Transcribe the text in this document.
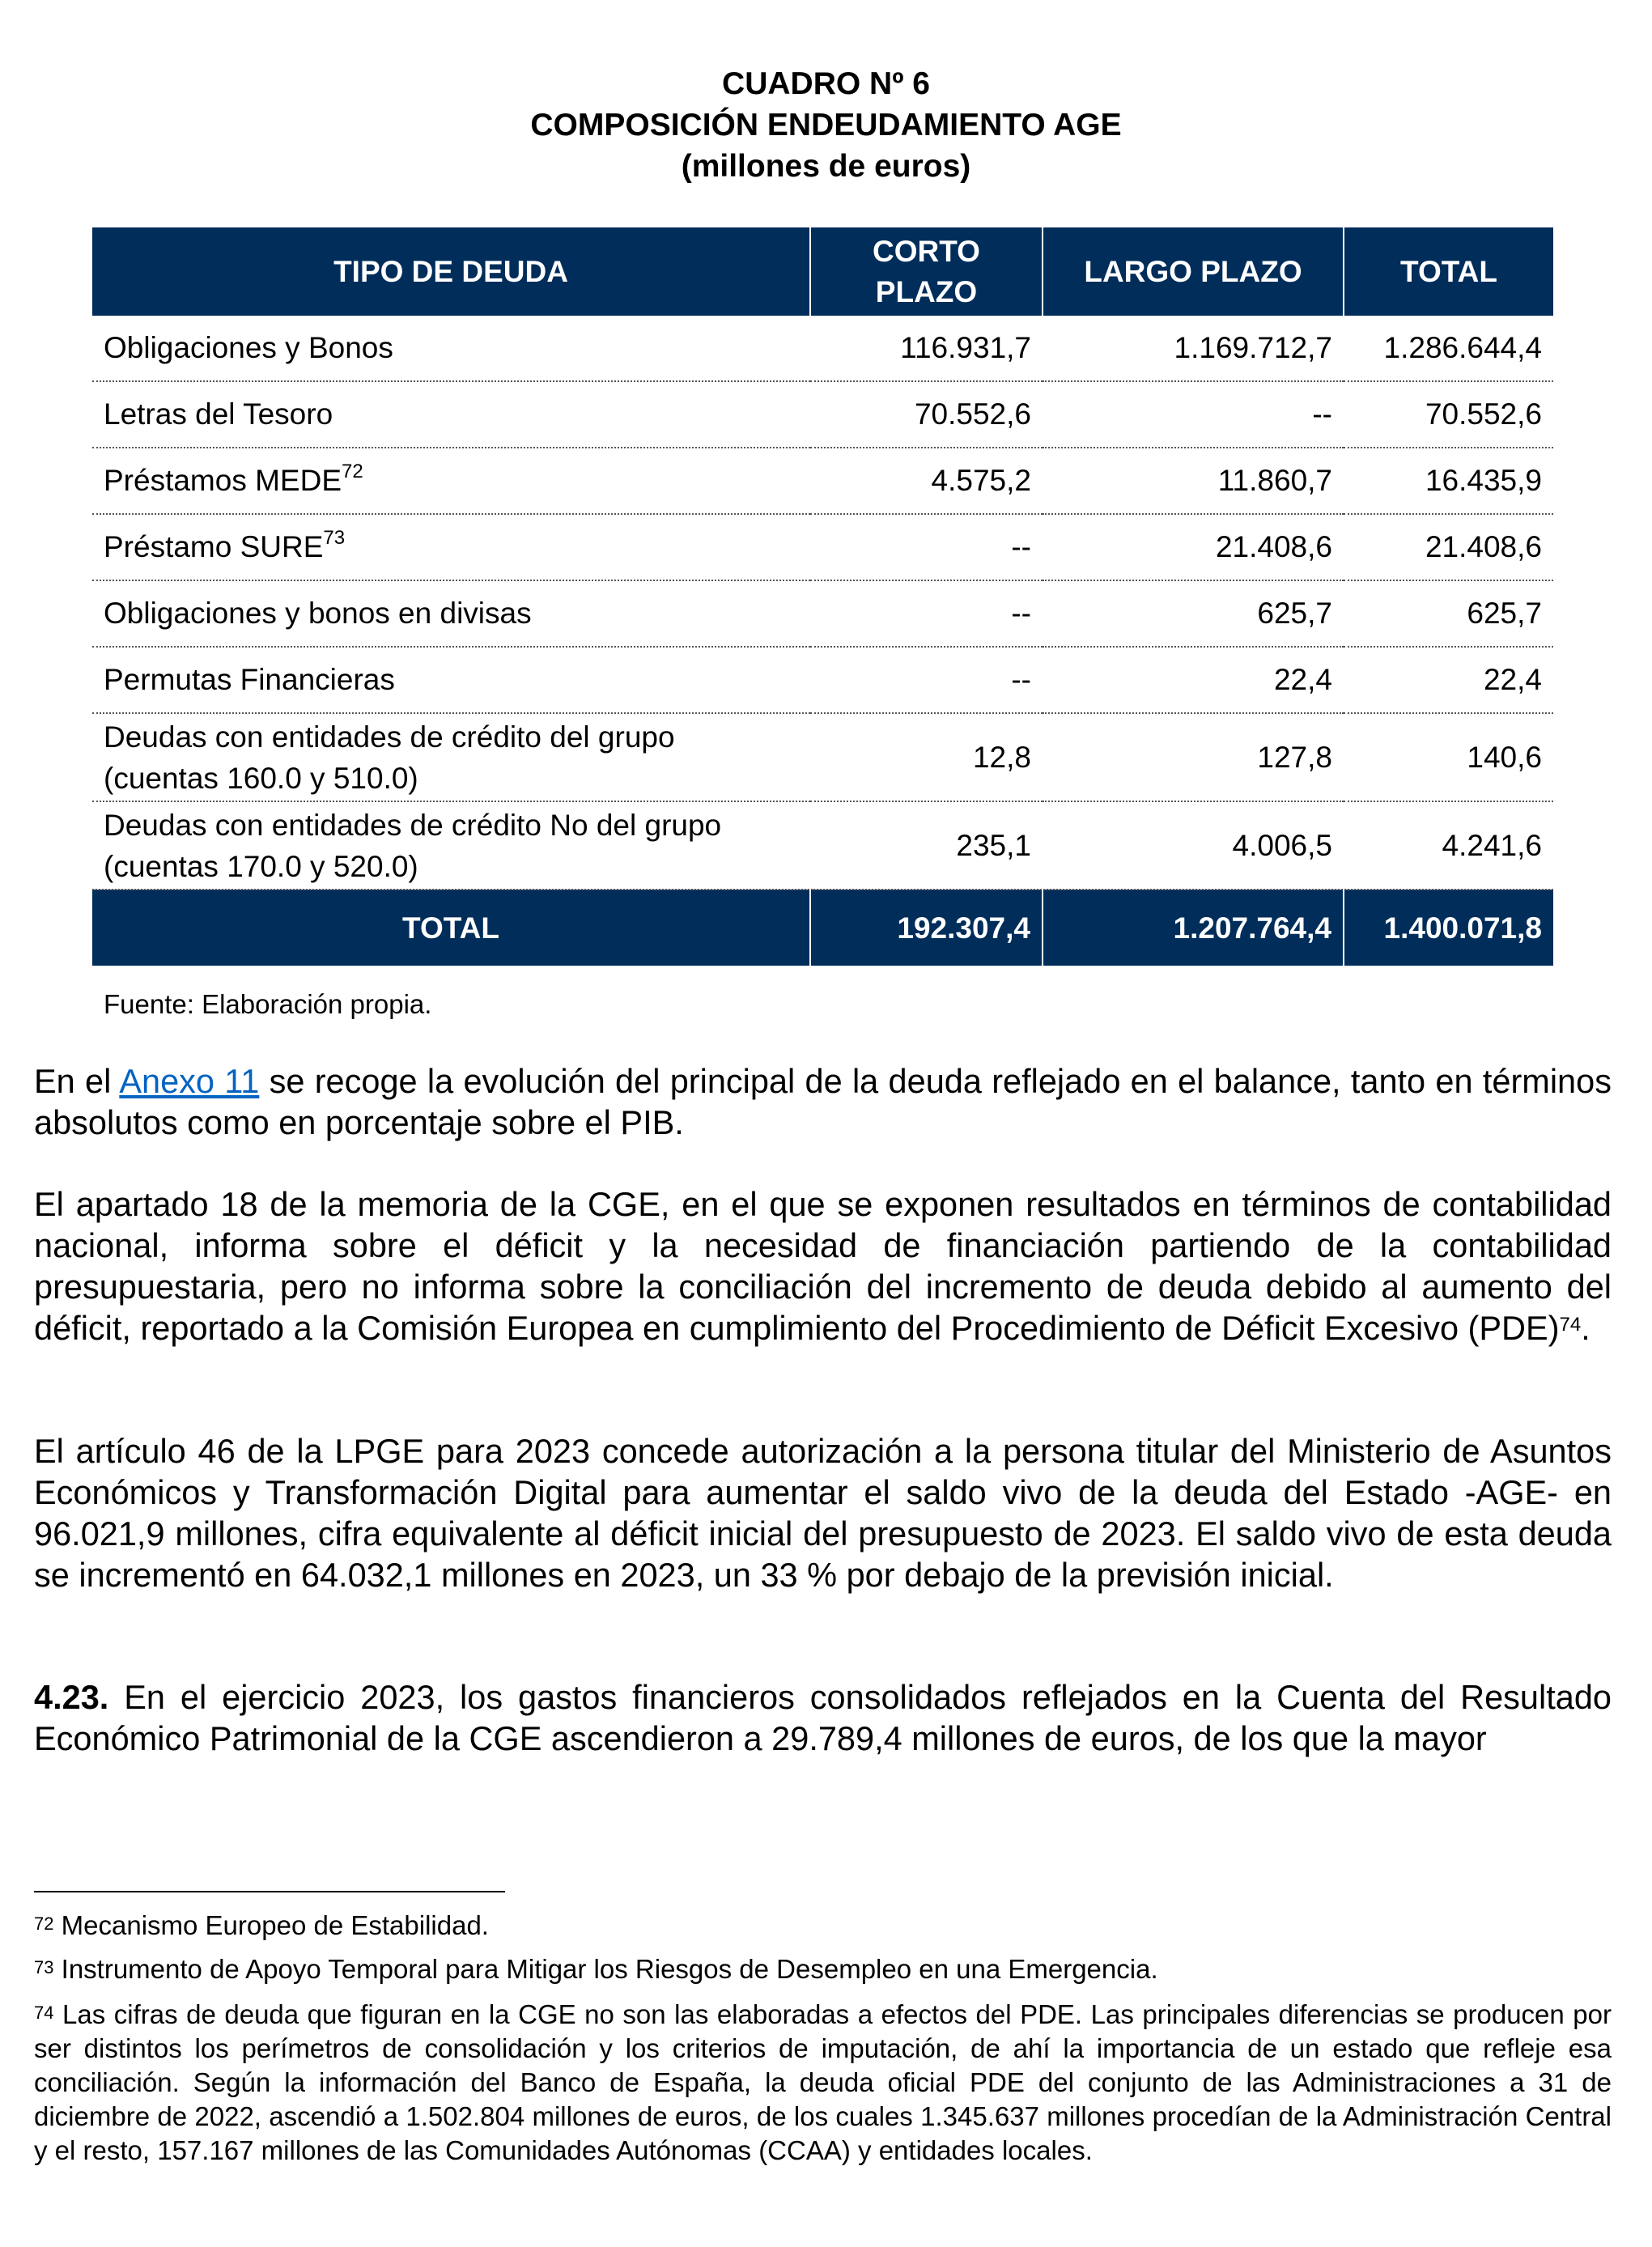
CUADRO Nº 6
COMPOSICIÓN ENDEUDAMIENTO AGE
(millones de euros)
TIPO DE DEUDA	CORTO PLAZO	LARGO PLAZO	TOTAL
Obligaciones y Bonos	116.931,7	1.169.712,7	1.286.644,4
Letras del Tesoro	70.552,6	--	70.552,6
Préstamos MEDE$^{72}$	4.575,2	11.860,7	16.435,9
Préstamo SURE$^{73}$	--	21.408,6	21.408,6
Obligaciones y bonos en divisas	--	625,7	625,7
Permutas Financieras	--	22,4	22,4
Deudas con entidades de crédito del grupo
(cuentas 160.0 y 510.0)	12,8	127,8	140,6
Deudas con entidades de crédito No del grupo
(cuentas 170.0 y 520.0)	235,1	4.006,5	4.241,6
TOTAL	192.307,4	1.207.764,4	1.400.071,8
Fuente: Elaboración propia.
En el Anexo 11 se recoge la evolución del principal de la deuda reflejado en el balance, tanto en términos absolutos como en porcentaje sobre el PIB.
El apartado 18 de la memoria de la CGE, en el que se exponen resultados en términos de contabilidad nacional, informa sobre el déficit y la necesidad de financiación partiendo de la contabilidad presupuestaria, pero no informa sobre la conciliación del incremento de deuda debido al aumento del déficit, reportado a la Comisión Europea en cumplimiento del Procedimiento de Déficit Excesivo (PDE)$^{74}$.
El artículo 46 de la LPGE para 2023 concede autorización a la persona titular del Ministerio de Asuntos Económicos y Transformación Digital para aumentar el saldo vivo de la deuda del Estado -AGE- en 96.021,9 millones, cifra equivalente al déficit inicial del presupuesto de 2023. El saldo vivo de esta deuda se incrementó en 64.032,1 millones en 2023, un 33 % por debajo de la previsión inicial.
4.23. En el ejercicio 2023, los gastos financieros consolidados reflejados en la Cuenta del Resultado Económico Patrimonial de la CGE ascendieron a 29.789,4 millones de euros, de los que la mayor
$^{72}$ Mecanismo Europeo de Estabilidad.
$^{73}$ Instrumento de Apoyo Temporal para Mitigar los Riesgos de Desempleo en una Emergencia.
$^{74}$ Las cifras de deuda que figuran en la CGE no son las elaboradas a efectos del PDE. Las principales diferencias se producen por ser distintos los perímetros de consolidación y los criterios de imputación, de ahí la importancia de un estado que refleje esa conciliación. Según la información del Banco de España, la deuda oficial PDE del conjunto de las Administraciones a 31 de diciembre de 2022, ascendió a 1.502.804 millones de euros, de los cuales 1.345.637 millones procedían de la Administración Central y el resto, 157.167 millones de las Comunidades Autónomas (CCAA) y entidades locales.
